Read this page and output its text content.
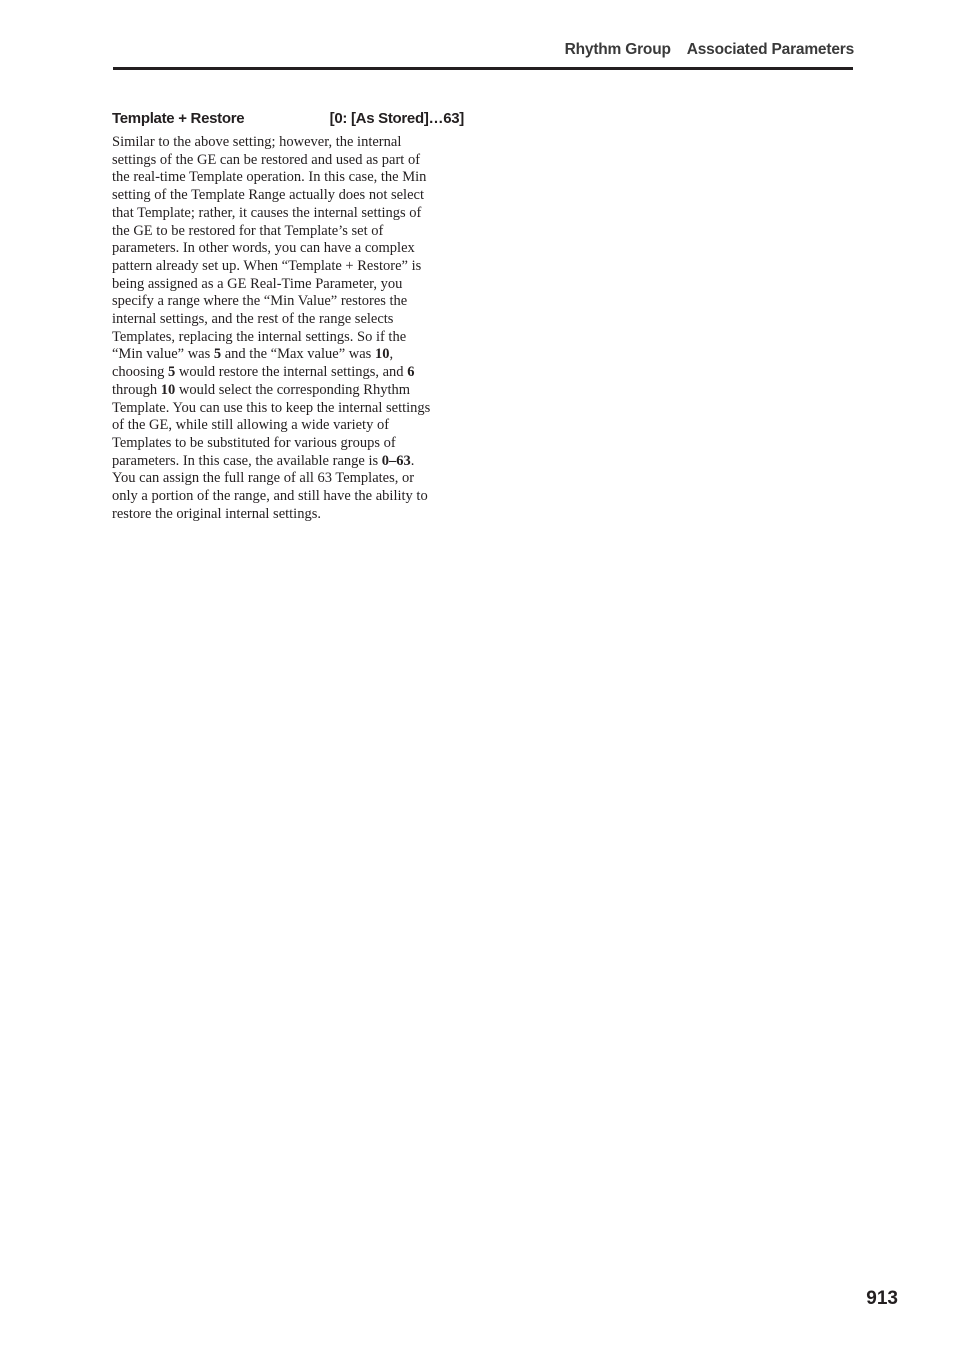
Rhythm Group Associated Parameters
Template + Restore	[0: [As Stored]…63]
Similar to the above setting; however, the internal
settings of the GE can be restored and used as part of
the real-time Template operation. In this case, the Min
setting of the Template Range actually does not select
that Template; rather, it causes the internal settings of
the GE to be restored for that Template’s set of
parameters. In other words, you can have a complex
pattern already set up. When “Template + Restore” is
being assigned as a GE Real-Time Parameter, you
specify a range where the “Min Value” restores the
internal settings, and the rest of the range selects
Templates, replacing the internal settings. So if the
“Min value” was 5 and the “Max value” was 10,
choosing 5 would restore the internal settings, and 6
through 10 would select the corresponding Rhythm
Template. You can use this to keep the internal settings
of the GE, while still allowing a wide variety of
Templates to be substituted for various groups of
parameters. In this case, the available range is 0–63.
You can assign the full range of all 63 Templates, or
only a portion of the range, and still have the ability to
restore the original internal settings.
913
